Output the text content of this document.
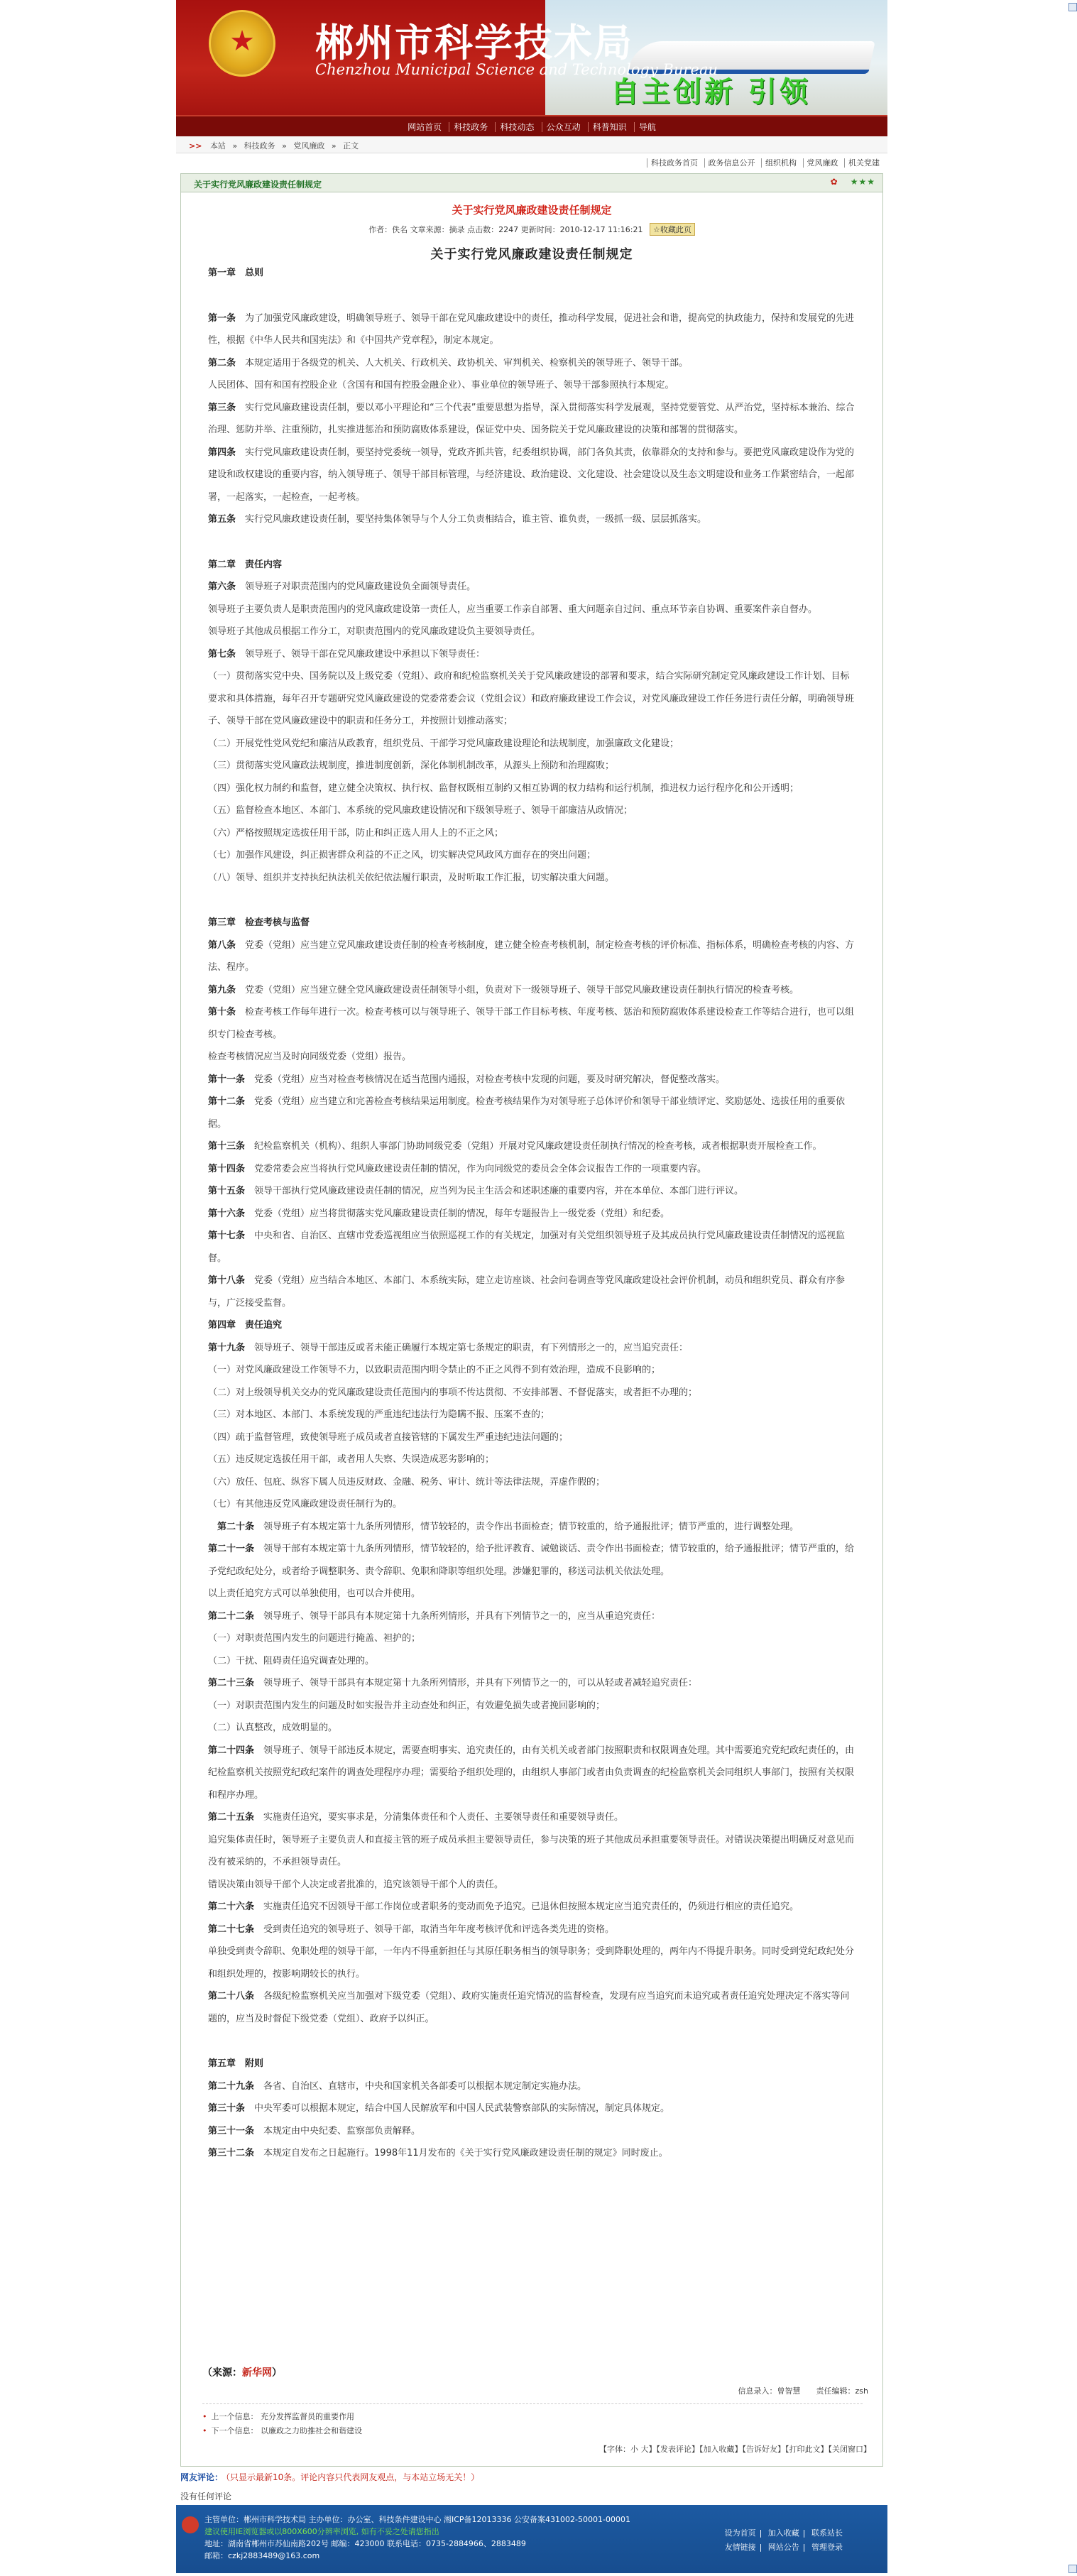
★
郴州市科学技术局
Chenzhou Municipal Science and Technology Bureau
自主创新 引领
网站首页 科技政务 科技动态 公众互动 科普知识 导航
>> 本站 » 科技政务 » 党风廉政 » 正文
科技政务首页 政务信息公开 组织机构 党风廉政 机关党建
关于实行党风廉政建设责任制规定	✿ ★★★
关于实行党风廉政建设责任制规定
作者：佚名 文章来源：摘录 点击数：2247 更新时间：2010-12-17 11:16:21 ☆收藏此页
关于实行党风廉政建设责任制规定
第一章　总则　
第一条　 为了加强党风廉政建设，明确领导班子、领导干部在党风廉政建设中的责任，推动科学发展，促进社会和谐，提高党的执政能力，保持和发展党的先进性，根据《中华人民共和国宪法》和《中国共产党章程》，制定本规定。
第二条　 本规定适用于各级党的机关、人大机关、行政机关、政协机关、审判机关、检察机关的领导班子、领导干部。
人民团体、国有和国有控股企业（含国有和国有控股金融企业）、事业单位的领导班子、领导干部参照执行本规定。
第三条　 实行党风廉政建设责任制，要以邓小平理论和“三个代表”重要思想为指导，深入贯彻落实科学发展观，坚持党要管党、从严治党，坚持标本兼治、综合治理、惩防并举、注重预防，扎实推进惩治和预防腐败体系建设，保证党中央、国务院关于党风廉政建设的决策和部署的贯彻落实。
第四条　 实行党风廉政建设责任制，要坚持党委统一领导，党政齐抓共管，纪委组织协调，部门各负其责，依靠群众的支持和参与。要把党风廉政建设作为党的建设和政权建设的重要内容，纳入领导班子、领导干部目标管理，与经济建设、政治建设、文化建设、社会建设以及生态文明建设和业务工作紧密结合，一起部署，一起落实，一起检查，一起考核。
第五条　 实行党风廉政建设责任制，要坚持集体领导与个人分工负责相结合，谁主管、谁负责，一级抓一级、层层抓落实。
第二章　责任内容　
第六条　 领导班子对职责范围内的党风廉政建设负全面领导责任。
领导班子主要负责人是职责范围内的党风廉政建设第一责任人，应当重要工作亲自部署、重大问题亲自过问、重点环节亲自协调、重要案件亲自督办。
领导班子其他成员根据工作分工，对职责范围内的党风廉政建设负主要领导责任。
第七条　 领导班子、领导干部在党风廉政建设中承担以下领导责任：
（一）贯彻落实党中央、国务院以及上级党委（党组）、政府和纪检监察机关关于党风廉政建设的部署和要求，结合实际研究制定党风廉政建设工作计划、目标要求和具体措施，每年召开专题研究党风廉政建设的党委常委会议（党组会议）和政府廉政建设工作会议，对党风廉政建设工作任务进行责任分解，明确领导班子、领导干部在党风廉政建设中的职责和任务分工，并按照计划推动落实；
（二）开展党性党风党纪和廉洁从政教育，组织党员、干部学习党风廉政建设理论和法规制度，加强廉政文化建设；
（三）贯彻落实党风廉政法规制度，推进制度创新，深化体制机制改革，从源头上预防和治理腐败；
（四）强化权力制约和监督，建立健全决策权、执行权、监督权既相互制约又相互协调的权力结构和运行机制，推进权力运行程序化和公开透明；
（五）监督检查本地区、本部门、本系统的党风廉政建设情况和下级领导班子、领导干部廉洁从政情况；
（六）严格按照规定选拔任用干部，防止和纠正选人用人上的不正之风；
（七）加强作风建设，纠正损害群众利益的不正之风，切实解决党风政风方面存在的突出问题；
（八）领导、组织并支持执纪执法机关依纪依法履行职责，及时听取工作汇报，切实解决重大问题。
第三章　检查考核与监督　
第八条　 党委（党组）应当建立党风廉政建设责任制的检查考核制度，建立健全检查考核机制，制定检查考核的评价标准、指标体系，明确检查考核的内容、方法、程序。
第九条　 党委（党组）应当建立健全党风廉政建设责任制领导小组，负责对下一级领导班子、领导干部党风廉政建设责任制执行情况的检查考核。
第十条　 检查考核工作每年进行一次。检查考核可以与领导班子、领导干部工作目标考核、年度考核、惩治和预防腐败体系建设检查工作等结合进行，也可以组织专门检查考核。
检查考核情况应当及时向同级党委（党组）报告。
第十一条　 党委（党组）应当对检查考核情况在适当范围内通报，对检查考核中发现的问题，要及时研究解决，督促整改落实。
第十二条　 党委（党组）应当建立和完善检查考核结果运用制度。检查考核结果作为对领导班子总体评价和领导干部业绩评定、奖励惩处、选拔任用的重要依据。
第十三条　 纪检监察机关（机构）、组织人事部门协助同级党委（党组）开展对党风廉政建设责任制执行情况的检查考核，或者根据职责开展检查工作。
第十四条　 党委常委会应当将执行党风廉政建设责任制的情况，作为向同级党的委员会全体会议报告工作的一项重要内容。
第十五条　 领导干部执行党风廉政建设责任制的情况，应当列为民主生活会和述职述廉的重要内容，并在本单位、本部门进行评议。
第十六条　 党委（党组）应当将贯彻落实党风廉政建设责任制的情况，每年专题报告上一级党委（党组）和纪委。
第十七条　 中央和省、自治区、直辖市党委巡视组应当依照巡视工作的有关规定，加强对有关党组织领导班子及其成员执行党风廉政建设责任制情况的巡视监督。
第十八条　 党委（党组）应当结合本地区、本部门、本系统实际，建立走访座谈、社会问卷调查等党风廉政建设社会评价机制，动员和组织党员、群众有序参与，广泛接受监督。
第四章　责任追究　
第十九条　 领导班子、领导干部违反或者未能正确履行本规定第七条规定的职责，有下列情形之一的，应当追究责任：
（一）对党风廉政建设工作领导不力，以致职责范围内明令禁止的不正之风得不到有效治理，造成不良影响的；
（二）对上级领导机关交办的党风廉政建设责任范围内的事项不传达贯彻、不安排部署、不督促落实，或者拒不办理的；
（三）对本地区、本部门、本系统发现的严重违纪违法行为隐瞒不报、压案不查的；
（四）疏于监督管理，致使领导班子成员或者直接管辖的下属发生严重违纪违法问题的；
（五）违反规定选拔任用干部，或者用人失察、失误造成恶劣影响的；
（六）放任、包庇、纵容下属人员违反财政、金融、税务、审计、统计等法律法规，弄虚作假的；
（七）有其他违反党风廉政建设责任制行为的。
　第二十条　 领导班子有本规定第十九条所列情形，情节较轻的，责令作出书面检查；情节较重的，给予通报批评；情节严重的，进行调整处理。
第二十一条　 领导干部有本规定第十九条所列情形，情节较轻的，给予批评教育、诫勉谈话、责令作出书面检查；情节较重的，给予通报批评；情节严重的，给予党纪政纪处分，或者给予调整职务、责令辞职、免职和降职等组织处理。涉嫌犯罪的，移送司法机关依法处理。
以上责任追究方式可以单独使用，也可以合并使用。
第二十二条　 领导班子、领导干部具有本规定第十九条所列情形，并具有下列情节之一的，应当从重追究责任：
（一）对职责范围内发生的问题进行掩盖、袒护的；
（二）干扰、阻碍责任追究调查处理的。
第二十三条　 领导班子、领导干部具有本规定第十九条所列情形，并具有下列情节之一的，可以从轻或者减轻追究责任：
（一）对职责范围内发生的问题及时如实报告并主动查处和纠正，有效避免损失或者挽回影响的；
（二）认真整改，成效明显的。
第二十四条　 领导班子、领导干部违反本规定，需要查明事实、追究责任的，由有关机关或者部门按照职责和权限调查处理。其中需要追究党纪政纪责任的，由纪检监察机关按照党纪政纪案件的调查处理程序办理；需要给予组织处理的，由组织人事部门或者由负责调查的纪检监察机关会同组织人事部门，按照有关权限和程序办理。
第二十五条　 实施责任追究，要实事求是，分清集体责任和个人责任、主要领导责任和重要领导责任。
追究集体责任时，领导班子主要负责人和直接主管的班子成员承担主要领导责任，参与决策的班子其他成员承担重要领导责任。对错误决策提出明确反对意见而没有被采纳的，不承担领导责任。
错误决策由领导干部个人决定或者批准的，追究该领导干部个人的责任。
第二十六条　 实施责任追究不因领导干部工作岗位或者职务的变动而免予追究。已退休但按照本规定应当追究责任的，仍须进行相应的责任追究。
第二十七条　 受到责任追究的领导班子、领导干部，取消当年年度考核评优和评选各类先进的资格。
单独受到责令辞职、免职处理的领导干部，一年内不得重新担任与其原任职务相当的领导职务；受到降职处理的，两年内不得提升职务。同时受到党纪政纪处分和组织处理的，按影响期较长的执行。
第二十八条　 各级纪检监察机关应当加强对下级党委（党组）、政府实施责任追究情况的监督检查，发现有应当追究而未追究或者责任追究处理决定不落实等问题的，应当及时督促下级党委（党组）、政府予以纠正。
第五章　附则　
第二十九条　 各省、自治区、直辖市，中央和国家机关各部委可以根据本规定制定实施办法。
第三十条　 中央军委可以根据本规定，结合中国人民解放军和中国人民武装警察部队的实际情况，制定具体规定。
第三十一条　 本规定由中央纪委、监察部负责解释。
第三十二条　 本规定自发布之日起施行。1998年11月发布的《关于实行党风廉政建设责任制的规定》同时废止。
（来源：新华网）
信息录入：曾智慧　　责任编辑：zsh
• 上一个信息： 充分发挥监督员的重要作用
• 下一个信息： 以廉政之力助推社会和谐建设
【字体：小 大】【发表评论】【加入收藏】【告诉好友】【打印此文】【关闭窗口】
网友评论： （只显示最新10条。评论内容只代表网友观点，与本站立场无关！）
没有任何评论
主管单位：郴州市科学技术局 主办单位：办公室、科技条件建设中心 湘ICP备12013336 公安备案431002-50001-00001
建议使用IE浏览器或以800X600分辨率浏览, 如有不妥之处请您指出
地址：湖南省郴州市苏仙南路202号 邮编：423000 联系电话：0735-2884966、2883489
邮箱：czkj2883489@163.com
设为首页 | 加入收藏 | 联系站长
友情链接 | 网站公告 | 管理登录
